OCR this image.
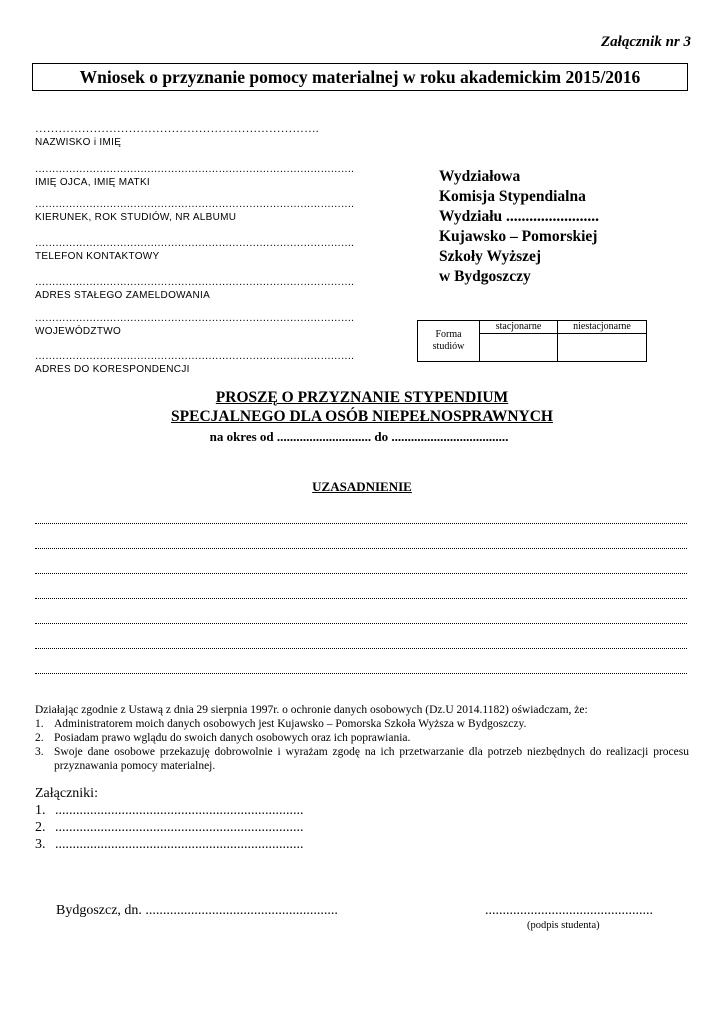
Załącznik nr 3
Wniosek o przyznanie pomocy materialnej w roku akademickim 2015/2016
……………………………………………………………….
NAZWISKO i IMIĘ
………………………………………………………………………………….
IMIĘ OJCA, IMIĘ MATKI
………………………………………………………………………………….
KIERUNEK, ROK STUDIÓW, NR ALBUMU
………………………………………………………………………………….
TELEFON KONTAKTOWY
………………………………………………………………………………….
ADRES STAŁEGO ZAMELDOWANIA
………………………………………………………………………………….
WOJEWÓDZTWO
………………………………………………………………………………….
ADRES DO KORESPONDENCJI
Wydziałowa
Komisja Stypendialna
Wydziału ........................
Kujawsko – Pomorskiej
Szkoły Wyższej
w Bydgoszczy
Forma
studiów	stacjonarne	niestacjonarne

PROSZĘ O PRZYZNANIE STYPENDIUM
SPECJALNEGO DLA OSÓB NIEPEŁNOSPRAWNYCH
na okres od ............................. do ....................................
UZASADNIENIE

Działając zgodnie z Ustawą z dnia 29 sierpnia 1997r. o ochronie danych osobowych (Dz.U 2014.1182) oświadczam, że:

1. Administratorem moich danych osobowych jest Kujawsko – Pomorska Szkoła Wyższa w Bydgoszczy.
2. Posiadam prawo wglądu do swoich danych osobowych oraz ich poprawiania.
3. Swoje dane osobowe przekazuję dobrowolnie i wyrażam zgodę na ich przetwarzanie dla potrzeb niezbędnych do realizacji procesu przyznawania pomocy materialnej.
Załączniki:
1. .......................................................................
2. .......................................................................
3. .......................................................................
Bydgoszcz, dn. .......................................................	................................................
(podpis studenta)
